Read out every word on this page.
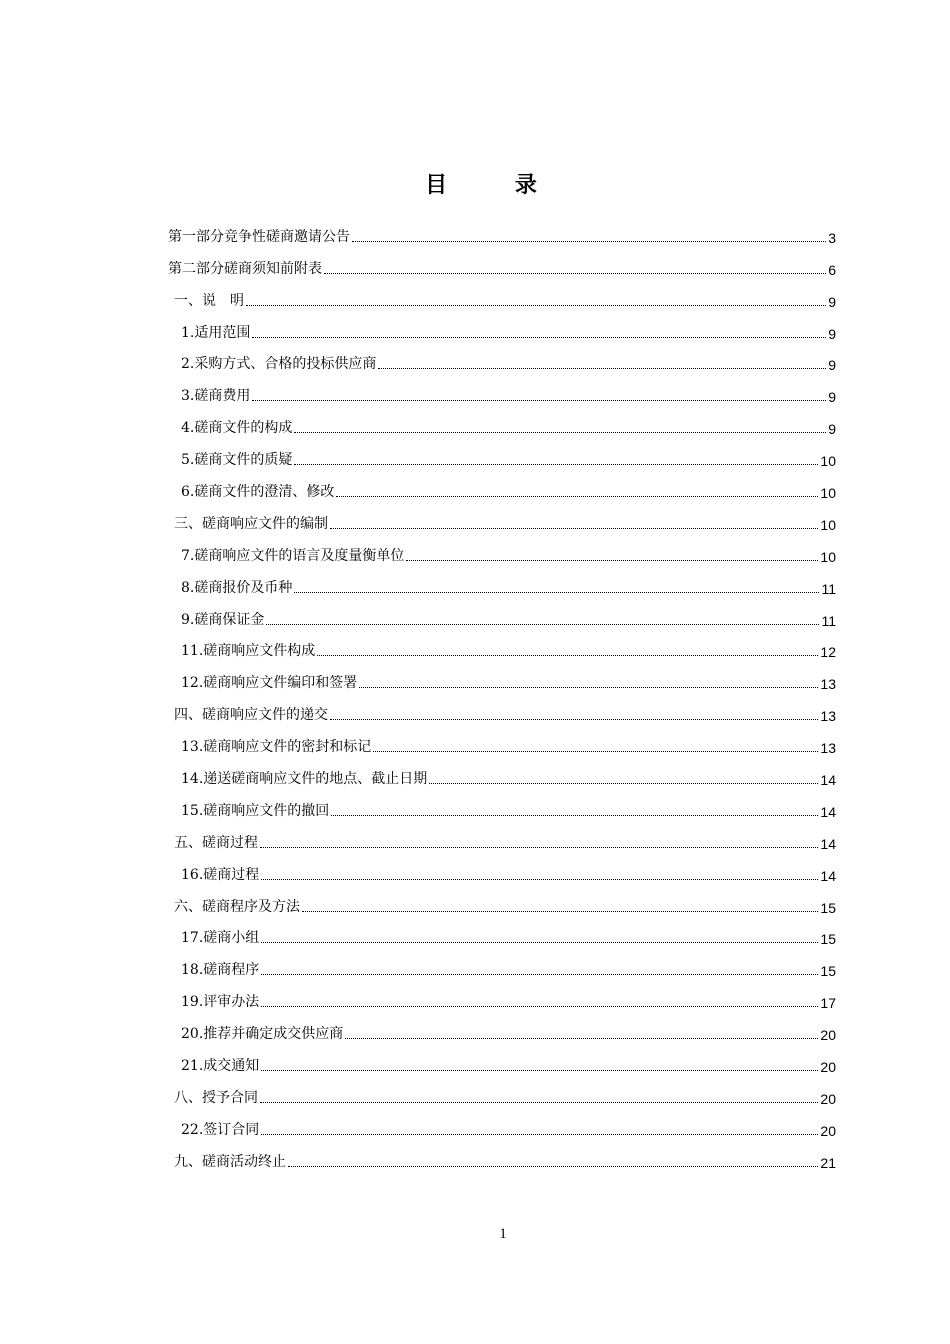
目 录
第一部分竞争性磋商邀请公告	3
第二部分磋商须知前附表	6
一、说　明	9
1.适用范围	9
2.采购方式、合格的投标供应商	9
3.磋商费用	9
4.磋商文件的构成	9
5.磋商文件的质疑	10
6.磋商文件的澄清、修改	10
三、磋商响应文件的编制	10
7.磋商响应文件的语言及度量衡单位	10
8.磋商报价及币种	11
9.磋商保证金	11
11.磋商响应文件构成	12
12.磋商响应文件编印和签署	13
四、磋商响应文件的递交	13
13.磋商响应文件的密封和标记	13
14.递送磋商响应文件的地点、截止日期	14
15.磋商响应文件的撤回	14
五、磋商过程	14
16.磋商过程	14
六、磋商程序及方法	15
17.磋商小组	15
18.磋商程序	15
19.评审办法	17
20.推荐并确定成交供应商	20
21.成交通知	20
八、授予合同	20
22.签订合同	20
九、磋商活动终止	21
1
